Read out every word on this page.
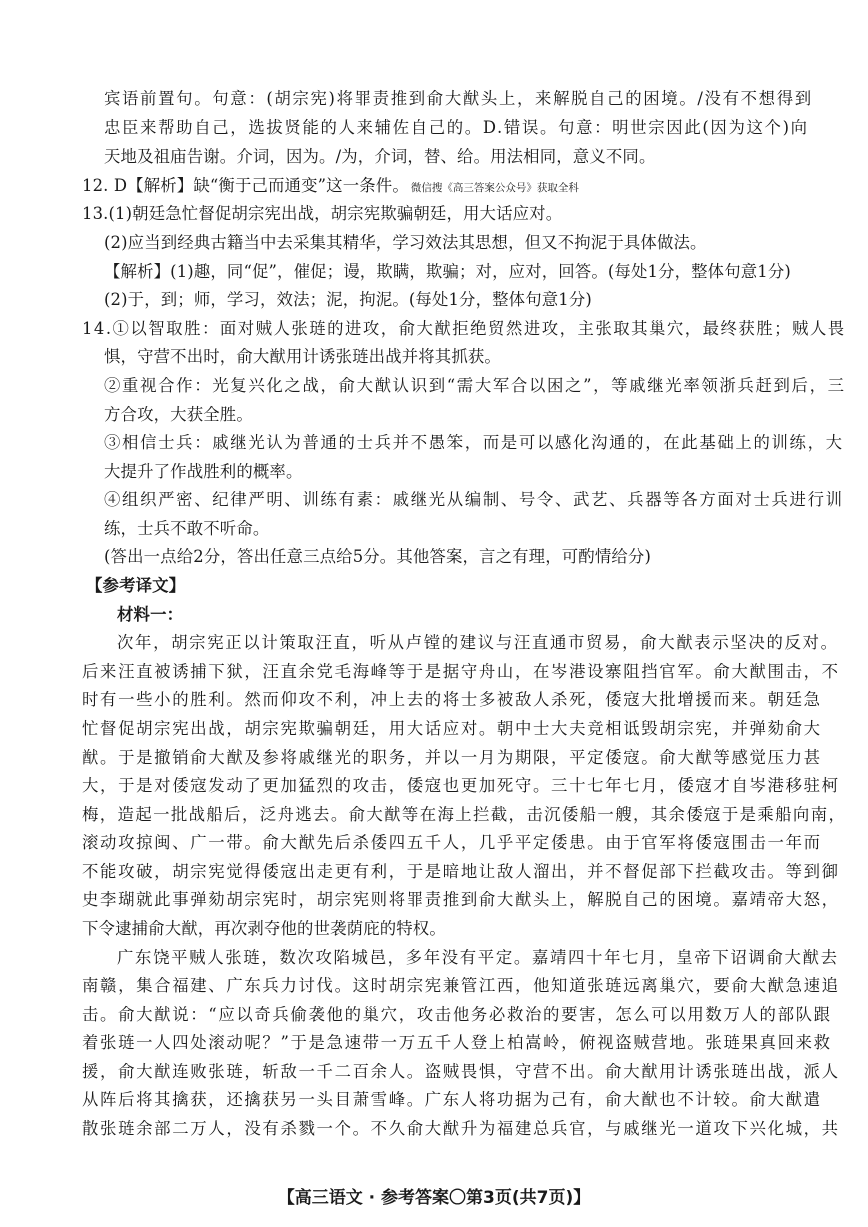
宾语前置句。句意：(胡宗宪)将罪责推到俞大猷头上，来解脱自己的困境。/没有不想得到
忠臣来帮助自己，选拔贤能的人来辅佐自己的。D.错误。句意：明世宗因此(因为这个)向
天地及祖庙告谢。介词，因为。/为，介词，替、给。用法相同，意义不同。
12. D【解析】缺“衡于己而通变”这一条件。 微信搜《高三答案公众号》获取全科
13.(1)朝廷急忙督促胡宗宪出战，胡宗宪欺骗朝廷，用大话应对。
(2)应当到经典古籍当中去采集其精华，学习效法其思想，但又不拘泥于具体做法。
【解析】(1)趣，同“促”，催促；谩，欺瞒，欺骗；对，应对，回答。(每处1分，整体句意1分)
(2)于，到；师，学习，效法；泥，拘泥。(每处1分，整体句意1分)
14.①以智取胜：面对贼人张琏的进攻，俞大猷拒绝贸然进攻，主张取其巢穴，最终获胜；贼人畏
惧，守营不出时，俞大猷用计诱张琏出战并将其抓获。
②重视合作：光复兴化之战，俞大猷认识到“需大军合以困之”，等戚继光率领浙兵赶到后，三
方合攻，大获全胜。
③相信士兵：戚继光认为普通的士兵并不愚笨，而是可以感化沟通的，在此基础上的训练，大
大提升了作战胜利的概率。
④组织严密、纪律严明、训练有素：戚继光从编制、号令、武艺、兵器等各方面对士兵进行训
练，士兵不敢不听命。
(答出一点给2分，答出任意三点给5分。其他答案，言之有理，可酌情给分)
【参考译文】
材料一：
次年，胡宗宪正以计策取汪直，听从卢镗的建议与汪直通市贸易，俞大猷表示坚决的反对。
后来汪直被诱捕下狱，汪直余党毛海峰等于是据守舟山，在岑港设寨阻挡官军。俞大猷围击，不
时有一些小的胜利。然而仰攻不利，冲上去的将士多被敌人杀死，倭寇大批增援而来。朝廷急
忙督促胡宗宪出战，胡宗宪欺骗朝廷，用大话应对。朝中士大夫竞相诋毁胡宗宪，并弹劾俞大
猷。于是撤销俞大猷及参将戚继光的职务，并以一月为期限，平定倭寇。俞大猷等感觉压力甚
大，于是对倭寇发动了更加猛烈的攻击，倭寇也更加死守。三十七年七月，倭寇才自岑港移驻柯
梅，造起一批战船后，泛舟逃去。俞大猷等在海上拦截，击沉倭船一艘，其余倭寇于是乘船向南，
滚动攻掠闽、广一带。俞大猷先后杀倭四五千人，几乎平定倭患。由于官军将倭寇围击一年而
不能攻破，胡宗宪觉得倭寇出走更有利，于是暗地让敌人溜出，并不督促部下拦截攻击。等到御
史李瑚就此事弹劾胡宗宪时，胡宗宪则将罪责推到俞大猷头上，解脱自己的困境。嘉靖帝大怒，
下令逮捕俞大猷，再次剥夺他的世袭荫庇的特权。
广东饶平贼人张琏，数次攻陷城邑，多年没有平定。嘉靖四十年七月，皇帝下诏调俞大猷去
南赣，集合福建、广东兵力讨伐。这时胡宗宪兼管江西，他知道张琏远离巢穴，要俞大猷急速追
击。俞大猷说：“应以奇兵偷袭他的巢穴，攻击他务必救治的要害，怎么可以用数万人的部队跟
着张琏一人四处滚动呢？”于是急速带一万五千人登上柏嵩岭，俯视盗贼营地。张琏果真回来救
援，俞大猷连败张琏，斩敌一千二百余人。盗贼畏惧，守营不出。俞大猷用计诱张琏出战，派人
从阵后将其擒获，还擒获另一头目萧雪峰。广东人将功据为己有，俞大猷也不计较。俞大猷遣
散张琏余部二万人，没有杀戮一个。不久俞大猷升为福建总兵官，与戚继光一道攻下兴化城，共
【高三语文 · 参考答案〇第3页(共7页)】
